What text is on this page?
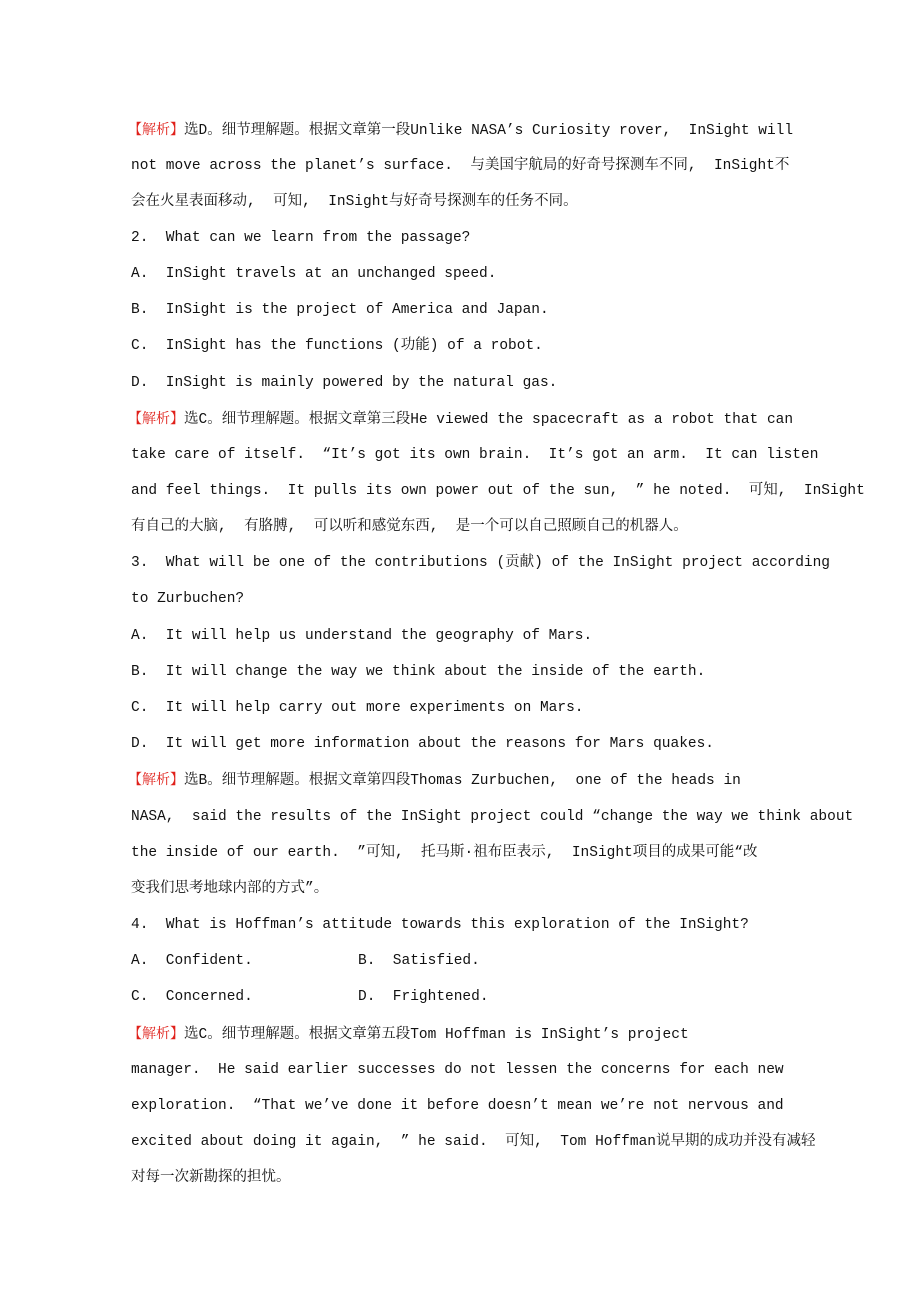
【解析】选D。细节理解题。根据文章第一段Unlike NASA’s Curiosity rover,  InSight will
not move across the planet’s surface.  与美国宇航局的好奇号探测车不同,  InSight不
会在火星表面移动,  可知,  InSight与好奇号探测车的任务不同。
2.  What can we learn from the passage?
A.  InSight travels at an unchanged speed.
B.  InSight is the project of America and Japan.
C.  InSight has the functions (功能) of a robot.
D.  InSight is mainly powered by the natural gas.
【解析】选C。细节理解题。根据文章第三段He viewed the spacecraft as a robot that can
take care of itself.  “It’s got its own brain.  It’s got an arm.  It can listen
and feel things.  It pulls its own power out of the sun,  ” he noted.  可知,  InSight
有自己的大脑,  有胳膊,  可以听和感觉东西,  是一个可以自己照顾自己的机器人。
3.  What will be one of the contributions (贡献) of the InSight project according
to Zurbuchen?
A.  It will help us understand the geography of Mars.
B.  It will change the way we think about the inside of the earth.
C.  It will help carry out more experiments on Mars.
D.  It will get more information about the reasons for Mars quakes.
【解析】选B。细节理解题。根据文章第四段Thomas Zurbuchen,  one of the heads in
NASA,  said the results of the InSight project could “change the way we think about
the inside of our earth.  ”可知,  托马斯·祖布臣表示,  InSight项目的成果可能“改
变我们思考地球内部的方式”。
4.  What is Hoffman’s attitude towards this exploration of the InSight?
A.  Confident.	B.  Satisfied.
C.  Concerned.	D.  Frightened.
【解析】选C。细节理解题。根据文章第五段Tom Hoffman is InSight’s project
manager.  He said earlier successes do not lessen the concerns for each new
exploration.  “That we’ve done it before doesn’t mean we’re not nervous and
excited about doing it again,  ” he said.  可知,  Tom Hoffman说早期的成功并没有减轻
对每一次新勘探的担忧。
